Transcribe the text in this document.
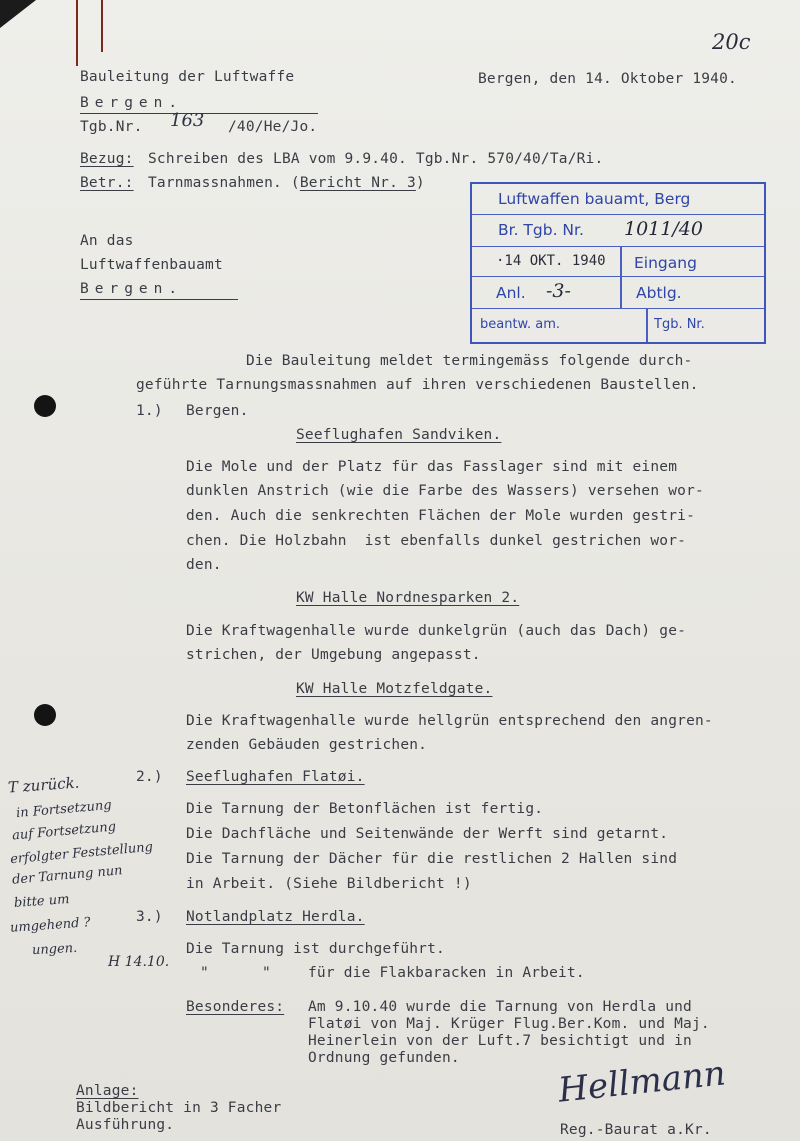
20c
Bauleitung der Luftwaffe
Bergen.
Bergen, den 14. Oktober 1940.
Tgb.Nr. 163 /40/He/Jo.
Bezug: Schreiben des LBA vom 9.9.40. Tgb.Nr. 570/40/Ta/Ri.
Betr.: Tarnmassnahmen. (Bericht Nr. 3)
Luftwaffen bauamt, Berg
Br. Tgb. Nr. 1011/40
·14 OKT. 1940 Eingang
Anl. -3-	Abtlg.
beantw. am.	Tgb. Nr.
An das
Luftwaffenbauamt
Bergen.
Die Bauleitung meldet termingemäss folgende durch-
geführte Tarnungsmassnahmen auf ihren verschiedenen Baustellen.
1.) Bergen.
Seeflughafen Sandviken.
Die Mole und der Platz für das Fasslager sind mit einem
dunklen Anstrich (wie die Farbe des Wassers) versehen wor-
den. Auch die senkrechten Flächen der Mole wurden gestri-
chen. Die Holzbahn  ist ebenfalls dunkel gestrichen wor-
den.
KW Halle Nordnesparken 2.
Die Kraftwagenhalle wurde dunkelgrün (auch das Dach) ge-
strichen, der Umgebung angepasst.
KW Halle Motzfeldgate.
Die Kraftwagenhalle wurde hellgrün entsprechend den angren-
zenden Gebäuden gestrichen.
2.) Seeflughafen Flatøi.
Die Tarnung der Betonflächen ist fertig.
Die Dachfläche und Seitenwände der Werft sind getarnt.
Die Tarnung der Dächer für die restlichen 2 Hallen sind
in Arbeit. (Siehe Bildbericht !)
3.) Notlandplatz Herdla.
Die Tarnung ist durchgeführt.
"	"	für die Flakbaracken in Arbeit.
Besonderes: Am 9.10.40 wurde die Tarnung von Herdla und
Flatøi von Maj. Krüger Flug.Ber.Kom. und Maj.
Heinerlein von der Luft.7 besichtigt und in
Ordnung gefunden.
T zurück.
in Fortsetzung
auf Fortsetzung
erfolgter Feststellung
der Tarnung nun
bitte um
umgehend ?
ungen.
H 14.10.
Anlage:
Bildbericht in 3 Facher
Ausführung.
Hellmann
Reg.-Baurat a.Kr.
